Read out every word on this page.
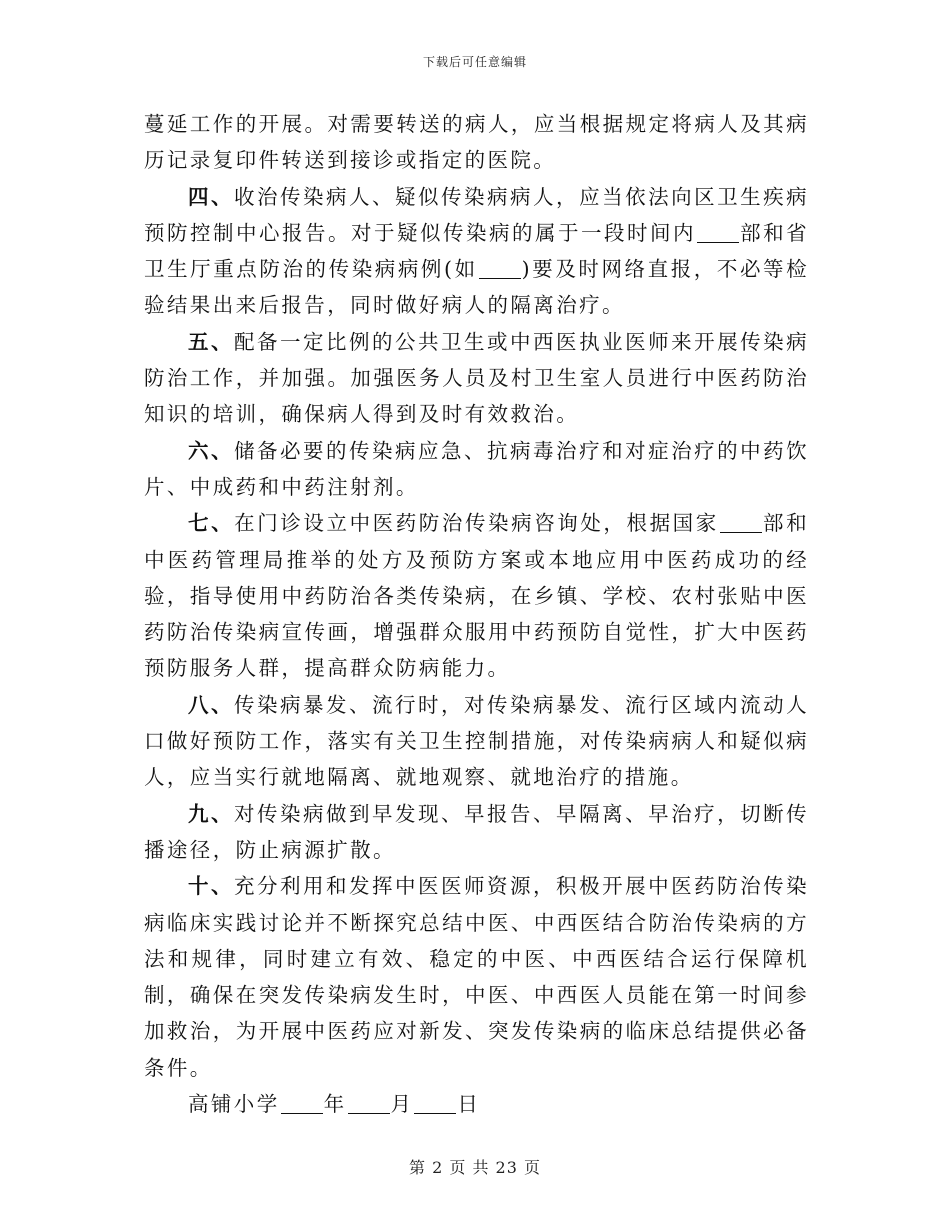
下载后可任意编辑

蔓延工作的开展。对需要转送的病人，应当根据规定将病人及其病历记录复印件转送到接诊或指定的医院。

四、收治传染病人、疑似传染病病人，应当依法向区卫生疾病预防控制中心报告。对于疑似传染病的属于一段时间内 部和省卫生厅重点防治的传染病病例(如 )要及时网络直报，不必等检验结果出来后报告，同时做好病人的隔离治疗。

五、配备一定比例的公共卫生或中西医执业医师来开展传染病防治工作，并加强。加强医务人员及村卫生室人员进行中医药防治知识的培训，确保病人得到及时有效救治。

六、储备必要的传染病应急、抗病毒治疗和对症治疗的中药饮片、中成药和中药注射剂。

七、在门诊设立中医药防治传染病咨询处，根据国家 部和中医药管理局推举的处方及预防方案或本地应用中医药成功的经验，指导使用中药防治各类传染病，在乡镇、学校、农村张贴中医药防治传染病宣传画，增强群众服用中药预防自觉性，扩大中医药预防服务人群，提高群众防病能力。

八、传染病暴发、流行时，对传染病暴发、流行区域内流动人口做好预防工作，落实有关卫生控制措施，对传染病病人和疑似病人，应当实行就地隔离、就地观察、就地治疗的措施。

九、对传染病做到早发现、早报告、早隔离、早治疗，切断传播途径，防止病源扩散。

十、充分利用和发挥中医医师资源，积极开展中医药防治传染病临床实践讨论并不断探究总结中医、中西医结合防治传染病的方法和规律，同时建立有效、稳定的中医、中西医结合运行保障机制，确保在突发传染病发生时，中医、中西医人员能在第一时间参加救治，为开展中医药应对新发、突发传染病的临床总结提供必备条件。

高铺小学 年 月 日

第 2 页 共 23 页
